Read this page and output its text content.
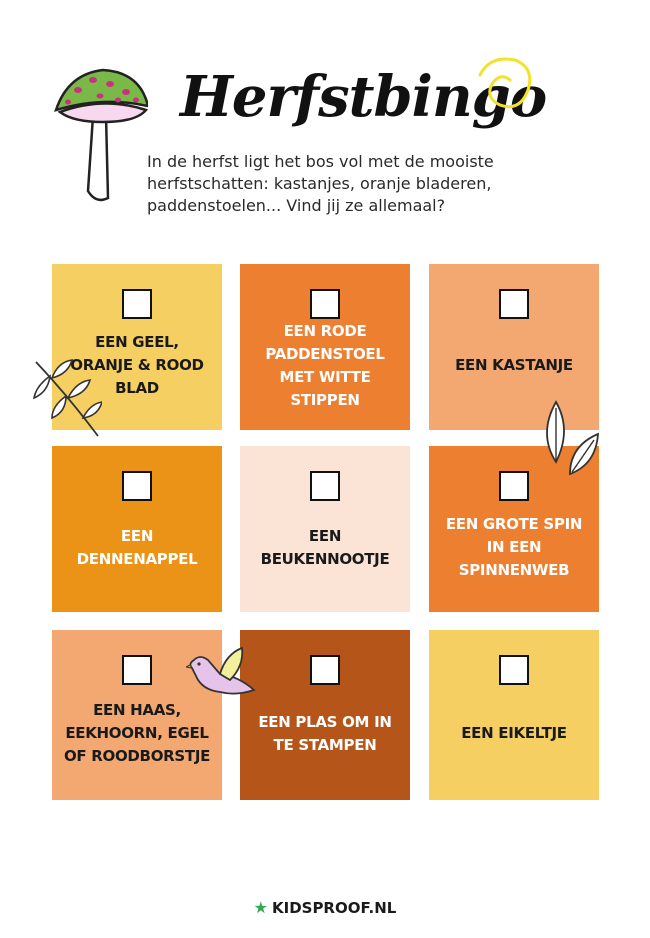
Herfstbingo
In de herfst ligt het bos vol met de mooiste herfstschatten: kastanjes, oranje bladeren, paddenstoelen... Vind jij ze allemaal?
EEN GEEL, ORANJE & ROOD BLAD
EEN RODE PADDENSTOEL MET WITTE STIPPEN
EEN KASTANJE
EEN DENNENAPPEL
EEN BEUKENNOOTJE
EEN GROTE SPIN IN EEN SPINNENWEB
EEN HAAS, EEKHOORN, EGEL OF ROODBORSTJE
EEN PLAS OM IN TE STAMPEN
EEN EIKELTJE
★ KIDSPROOF.NL
